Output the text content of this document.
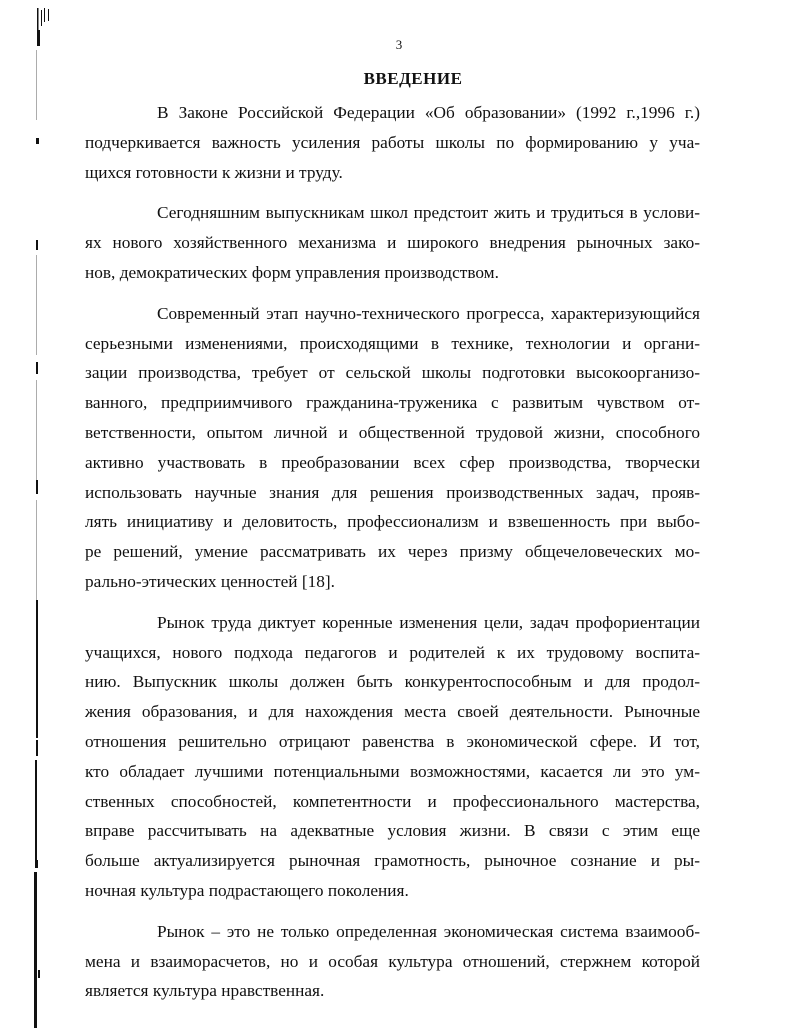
3
ВВЕДЕНИЕ

В Законе Российской Федерации «Об образовании» (1992 г.,1996 г.)
подчеркивается важность усиления работы школы по формированию у уча-
щихся готовности к жизни и труду.

Сегодняшним выпускникам школ предстоит жить и трудиться в услови-
ях нового хозяйственного механизма и широкого внедрения рыночных зако-
нов, демократических форм управления производством.

Современный этап научно-технического прогресса, характеризующийся
серьезными изменениями, происходящими в технике, технологии и органи-
зации производства, требует от сельской школы подготовки высокоорганизо-
ванного, предприимчивого гражданина-труженика с развитым чувством от-
ветственности, опытом личной и общественной трудовой жизни, способного
активно участвовать в преобразовании всех сфер производства, творчески
использовать научные знания для решения производственных задач, прояв-
лять инициативу и деловитость, профессионализм и взвешенность при выбо-
ре решений, умение рассматривать их через призму общечеловеческих мо-
рально-этических ценностей [18].

Рынок труда диктует коренные изменения цели, задач профориентации
учащихся, нового подхода педагогов и родителей к их трудовому воспита-
нию. Выпускник школы должен быть конкурентоспособным и для продол-
жения образования, и для нахождения места своей деятельности. Рыночные
отношения решительно отрицают равенства в экономической сфере. И тот,
кто обладает лучшими потенциальными возможностями, касается ли это ум-
ственных способностей, компетентности и профессионального мастерства,
вправе рассчитывать на адекватные условия жизни. В связи с этим еще
больше актуализируется рыночная грамотность, рыночное сознание и ры-
ночная культура подрастающего поколения.

Рынок – это не только определенная экономическая система взаимооб-
мена и взаиморасчетов, но и особая культура отношений, стержнем которой
является культура нравственная.
